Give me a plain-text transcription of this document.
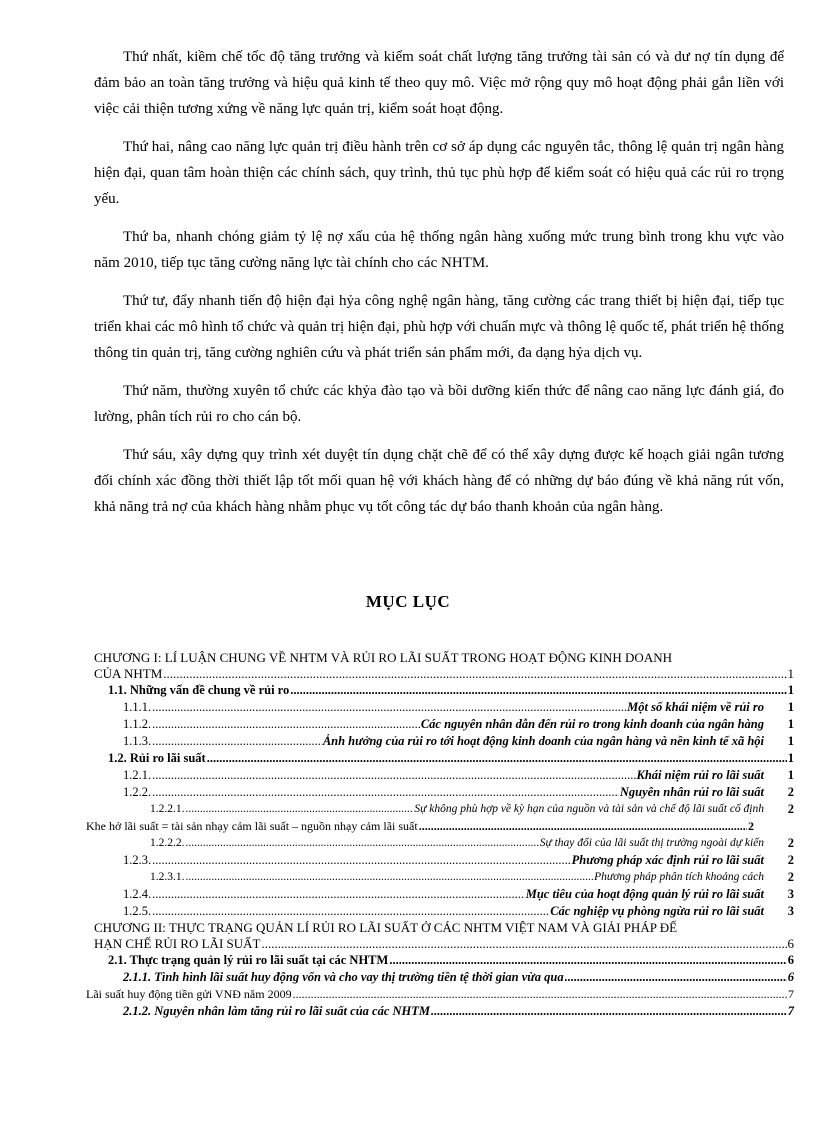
Thứ nhất, kiềm chế tốc độ tăng trưởng và kiểm soát chất lượng tăng trưởng tài sản có và dư nợ tín dụng để đảm bảo an toàn tăng trưởng và hiệu quả kinh tế theo quy mô. Việc mở rộng quy mô hoạt động phải gắn liền với việc cải thiện tương xứng về năng lực quản trị, kiểm soát hoạt động.

Thứ hai, nâng cao năng lực quản trị điều hành trên cơ sở áp dụng các nguyên tắc, thông lệ quản trị ngân hàng hiện đại, quan tâm hoàn thiện các chính sách, quy trình, thủ tục phù hợp để kiểm soát có hiệu quả các rủi ro trọng yếu.

Thứ ba, nhanh chóng giảm tỷ lệ nợ xấu của hệ thống ngân hàng xuống mức trung bình trong khu vực vào năm 2010, tiếp tục tăng cường năng lực tài chính cho các NHTM.

Thứ tư, đẩy nhanh tiến độ hiện đại hỷa công nghệ ngân hàng, tăng cường các trang thiết bị hiện đại, tiếp tục triển khai các mô hình tổ chức và quản trị hiện đại, phù hợp với chuẩn mực và thông lệ quốc tế, phát triển hệ thống thông tin quản trị, tăng cường nghiên cứu và phát triển sản phẩm mới, đa dạng hỷa dịch vụ.

Thứ năm, thường xuyên tổ chức các khỷa đào tạo và bồi dưỡng kiến thức để nâng cao năng lực đánh giá, đo lường, phân tích rủi ro cho cán bộ.

Thứ sáu, xây dựng quy trình xét duyệt tín dụng chặt chẽ để có thể xây dựng được kế hoạch giải ngân tương đối chính xác đồng thời thiết lập tốt mối quan hệ với khách hàng để có những dự báo đúng về khả năng rút vốn, khả năng trả nợ của khách hàng nhằm phục vụ tốt công tác dự báo thanh khoản của ngân hàng.

MỤC LỤC
CHƯƠNG I: LÍ LUẬN CHUNG VỀ NHTM VÀ RỦI RO LÃI SUẤT TRONG HOẠT ĐỘNG KINH DOANH
CỦA NHTM .....	1
1.1. Những vấn đề chung về rủi ro .....	1
1.1.1. .....	Một số khái niệm về rủi ro	1
1.1.2. .....	Các nguyên nhân dẫn đến rủi ro trong kinh doanh của ngân hàng	1
1.1.3. .....	Ảnh hưởng của rủi ro tới hoạt động kinh doanh của ngân hàng và nền kinh tế xã hội	1
1.2. Rủi ro lãi suất .....	1
1.2.1. .....	Khái niệm rủi ro lãi suất	1
1.2.2. .....	Nguyên nhân rủi ro lãi suất	2
1.2.2.1. .....	Sự không phù hợp về kỳ hạn của nguồn và tài sản và chế độ lãi suất cố định	2
Khe hở lãi suất = tài sản nhạy cảm lãi suất – nguồn nhạy cảm lãi suất .....	2
1.2.2.2. .....	Sự thay đổi của lãi suất thị trường ngoài dự kiến	2
1.2.3. .....	Phương pháp xác định rủi ro lãi suất	2
1.2.3.1. .....	Phương pháp phân tích khoảng cách	2
1.2.4. .....	Mục tiêu của hoạt động quản lý rủi ro lãi suất	3
1.2.5. .....	Các nghiệp vụ phòng ngừa rủi ro lãi suất	3
CHƯƠNG II: THỰC TRẠNG QUẢN LÍ RỦI RO LÃI SUẤT Ở CÁC NHTM VIỆT NAM VÀ GIẢI PHÁP ĐỂ
HẠN CHẾ RỦI RO LÃI SUẤT .....	6
2.1. Thực trạng quản lý rủi ro lãi suất tại các NHTM .....	6
2.1.1. Tình hình lãi suất huy động vốn và cho vay thị trường tiền tệ thời gian vừa qua .....	6
Lãi suất huy động tiền gửi VNĐ năm 2009 .....	7
2.1.2. Nguyên nhân làm tăng rủi ro lãi suất của các NHTM .....	7
